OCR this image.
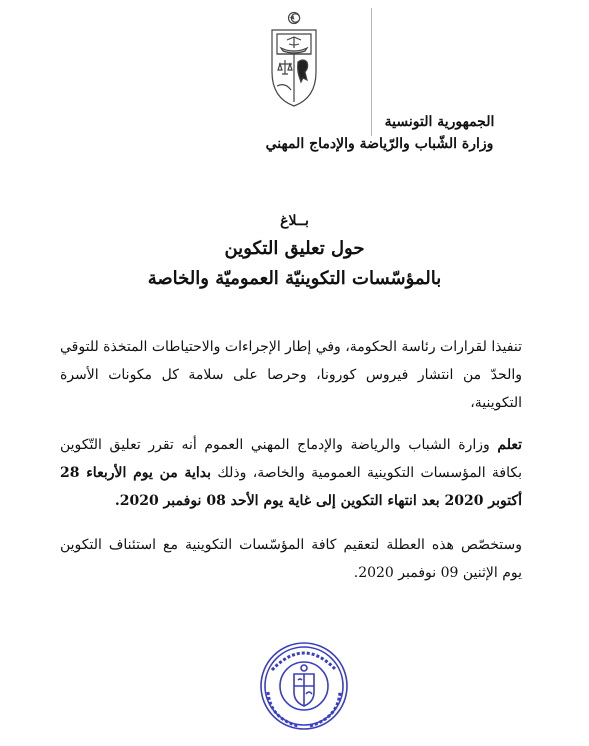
الجمهورية التونسية
وزارة الشّباب والرّياضة والإدماج المهني
بــلاغ
حول تعليق التكوين
بالمؤسّسات التكوينيّة العموميّة والخاصة
تنفيذا لقرارات رئاسة الحكومة، وفي إطار الإجراءات والاحتياطات المتخذة للتوقي والحدّ من انتشار فيروس كورونا، وحرصا على سلامة كل مكونات الأسرة التكوينية،
تعلم وزارة الشباب والرياضة والإدماج المهني العموم أنه تقرر تعليق التّكوين بكافة المؤسسات التكوينية العمومية والخاصة، وذلك بداية من يوم الأربعاء 28 أكتوبر 2020 بعد انتهاء التكوين إلى غاية يوم الأحد 08 نوفمبر 2020.
وستخصّص هذه العطلة لتعقيم كافة المؤسّسات التكوينية مع استئناف التكوين يوم الإثنين 09 نوفمبر 2020.
